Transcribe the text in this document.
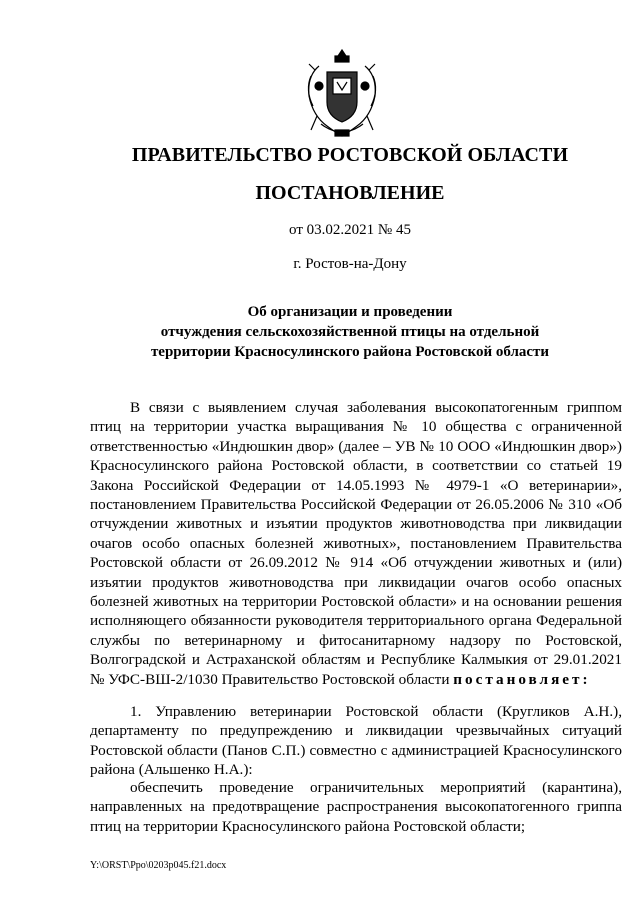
ПРАВИТЕЛЬСТВО РОСТОВСКОЙ ОБЛАСТИ
ПОСТАНОВЛЕНИЕ
от 03.02.2021 № 45
г. Ростов-на-Дону
Об организации и проведении
отчуждения сельскохозяйственной птицы на отдельной
территории Красносулинского района Ростовской области

В связи с выявлением случая заболевания высокопатогенным гриппом птиц на территории участка выращивания № 10 общества с ограниченной ответственностью «Индюшкин двор» (далее – УВ № 10 ООО «Индюшкин двор») Красносулинского района Ростовской области, в соответствии со статьей 19 Закона Российской Федерации от 14.05.1993 № 4979-1 «О ветеринарии», постановлением Правительства Российской Федерации от 26.05.2006 № 310 «Об отчуждении животных и изъятии продуктов животноводства при ликвидации очагов особо опасных болезней животных», постановлением Правительства Ростовской области от 26.09.2012 № 914 «Об отчуждении животных и (или) изъятии продуктов животноводства при ликвидации очагов особо опасных болезней животных на территории Ростовской области» и на основании решения исполняющего обязанности руководителя территориального органа Федеральной службы по ветеринарному и фитосанитарному надзору по Ростовской, Волгоградской и Астраханской областям и Республике Калмыкия от 29.01.2021 № УФС-ВШ-2/1030 Правительство Ростовской области постановляет:

1. Управлению ветеринарии Ростовской области (Кругликов А.Н.), департаменту по предупреждению и ликвидации чрезвычайных ситуаций Ростовской области (Панов С.П.) совместно с администрацией Красносулинского района (Альшенко Н.А.):

обеспечить проведение ограничительных мероприятий (карантина), направленных на предотвращение распространения высокопатогенного гриппа птиц на территории Красносулинского района Ростовской области;

Y:\ORST\Ppo\0203p045.f21.docx
